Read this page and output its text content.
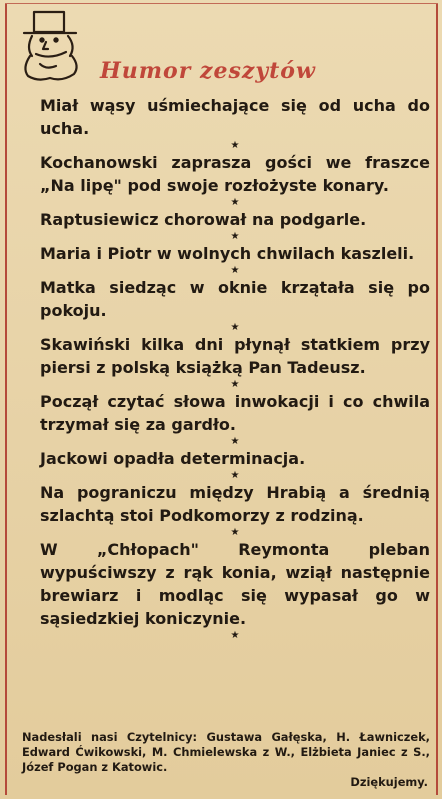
Humor zeszytów

Miał wąsy uśmiechające się od ucha do ucha.

★

Kochanowski zaprasza gości we fraszce „Na lipę" pod swoje rozłożyste konary.

★

Raptusiewicz chorował na podgarle.

★

Maria i Piotr w wolnych chwilach kaszleli.

★

Matka siedząc w oknie krzątała się po pokoju.

★

Skawiński kilka dni płynął statkiem przy piersi z polską książką Pan Tadeusz.

★

Począł czytać słowa inwokacji i co chwila trzymał się za gardło.

★

Jackowi opadła determinacja.

★

Na pograniczu między Hrabią a średnią szlachtą stoi Podkomorzy z rodziną.

★

W „Chłopach" Reymonta pleban wypuściwszy z rąk konia, wziął następnie brewiarz i modląc się wypasał go w sąsiedzkiej koniczynie.

★

Nadesłali nasi Czytelnicy: Gustawa Gałęska, H. Ławniczek, Edward Ćwikowski, M. Chmielewska z W., Elżbieta Janiec z S., Józef Pogan z Katowic.

Dziękujemy.
